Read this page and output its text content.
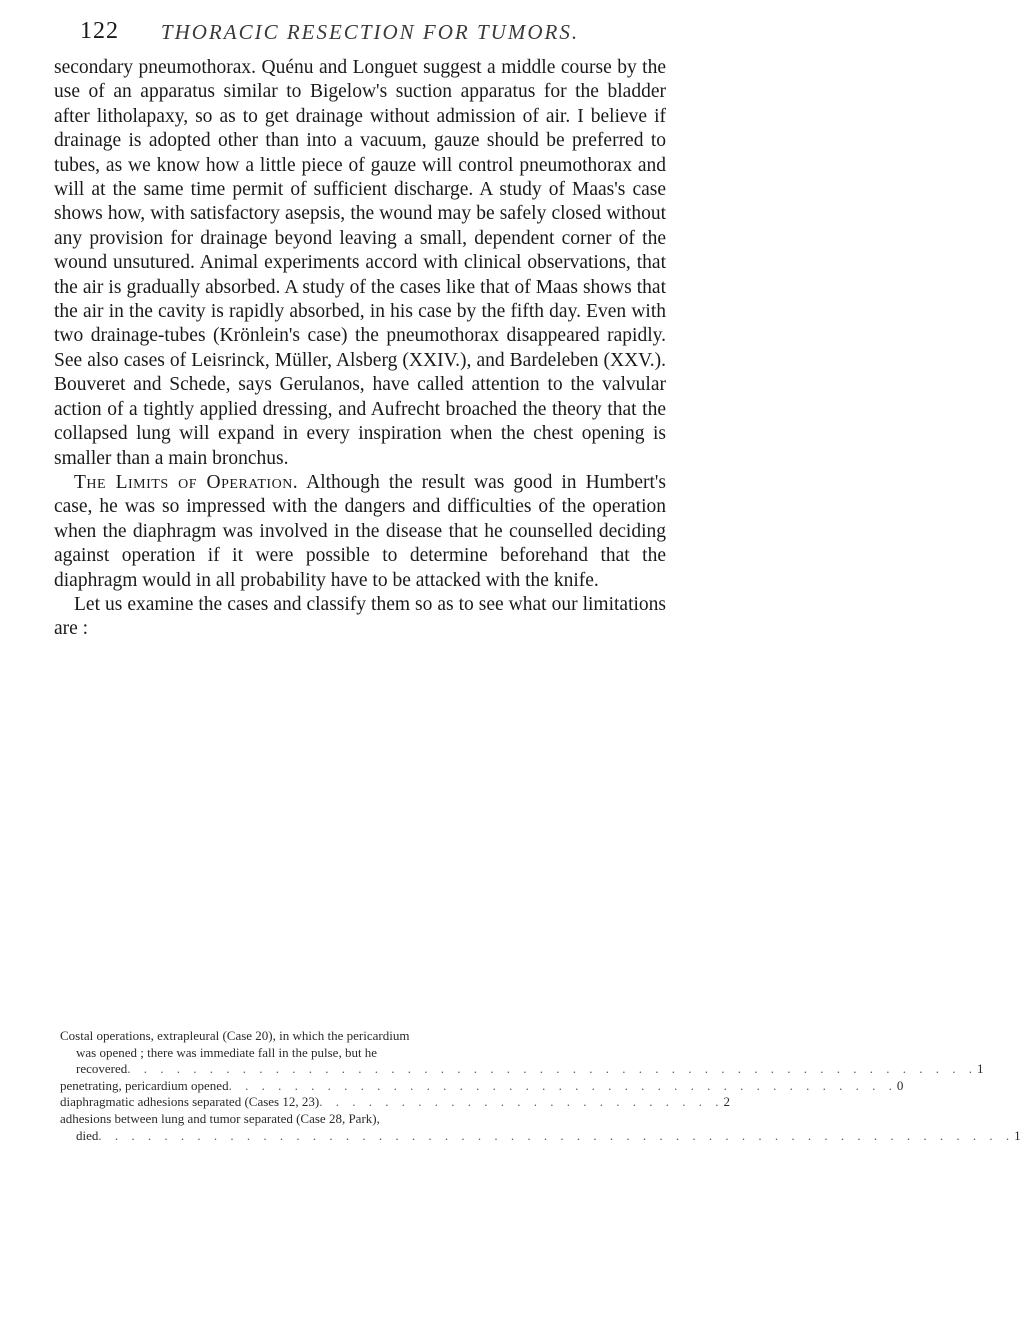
122	THORACIC RESECTION FOR TUMORS.

secondary pneumothorax. Quénu and Longuet suggest a middle course by the use of an apparatus similar to Bigelow's suction apparatus for the bladder after litholapaxy, so as to get drainage without admission of air. I believe if drainage is adopted other than into a vacuum, gauze should be preferred to tubes, as we know how a little piece of gauze will control pneumothorax and will at the same time permit of sufficient discharge. A study of Maas's case shows how, with satisfactory asepsis, the wound may be safely closed without any provision for drainage beyond leaving a small, dependent corner of the wound unsutured. Animal experiments accord with clinical observations, that the air is gradually absorbed. A study of the cases like that of Maas shows that the air in the cavity is rapidly absorbed, in his case by the fifth day. Even with two drainage-tubes (Krönlein's case) the pneumothorax disappeared rapidly. See also cases of Leisrinck, Müller, Alsberg (XXIV.), and Bardeleben (XXV.). Bouveret and Schede, says Gerulanos, have called attention to the valvular action of a tightly applied dressing, and Aufrecht broached the theory that the collapsed lung will expand in every inspiration when the chest opening is smaller than a main bronchus.

The Limits of Operation. Although the result was good in Humbert's case, he was so impressed with the dangers and difficulties of the operation when the diaphragm was involved in the disease that he counselled deciding against operation if it were possible to determine beforehand that the diaphragm would in all probability have to be attacked with the knife.

Let us examine the cases and classify them so as to see what our limitations are :

Costal operations, extrapleural (Case 20), in which the pericardium
was opened ; there was immediate fall in the pulse, but he
recovered . . . . . . . . . . . . . . . . . . . . . . . . . . . . . . . . . . . . . . . . . . . . . . . . . . . . 1
penetrating, pericardium opened . . . . . . . . . . . . . . . . . . . . . . . . . . . . . . . . . . . . . . . . . 0
diaphragmatic adhesions separated (Cases 12, 23) . . . . . . . . . . . . . . . . . . . . . . . . . 2
adhesions between lung and tumor separated (Case 28, Park),
died . . . . . . . . . . . . . . . . . . . . . . . . . . . . . . . . . . . . . . . . . . . . . . . . . . . . . . . . 1
